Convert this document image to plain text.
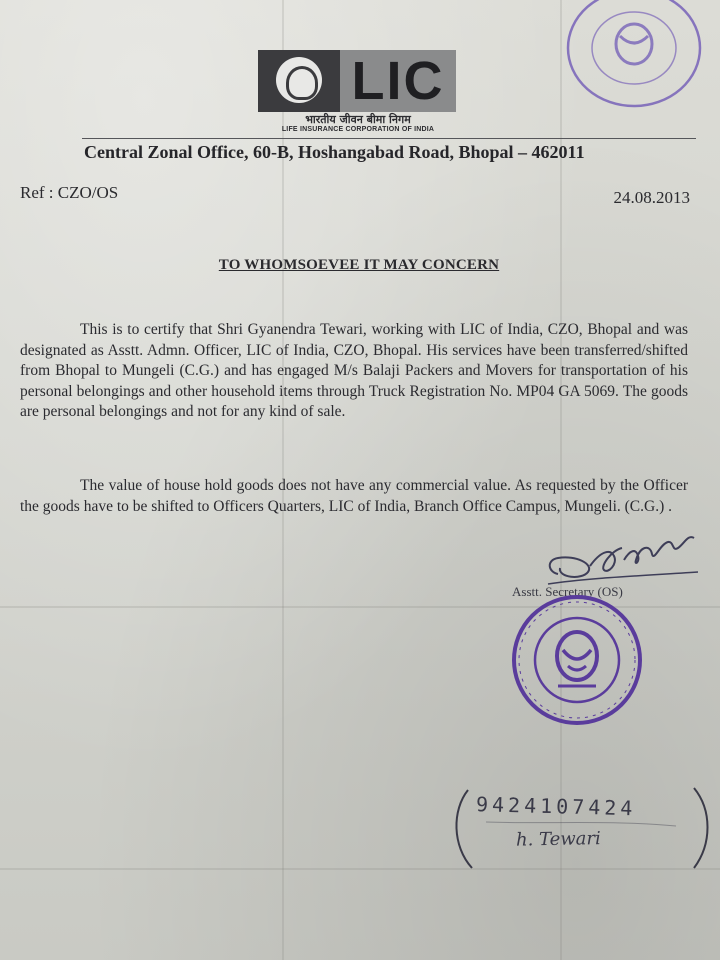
LIC
भारतीय जीवन बीमा निगम
LIFE INSURANCE CORPORATION OF INDIA
Central Zonal Office, 60-B, Hoshangabad Road, Bhopal – 462011
Ref : CZO/OS	24.08.2013
TO WHOMSOEVEE IT MAY CONCERN
This is to certify that Shri Gyanendra Tewari, working with LIC of India, CZO, Bhopal and was designated as Asstt. Admn. Officer, LIC of India, CZO, Bhopal. His services have been transferred/shifted from Bhopal to Mungeli (C.G.) and has engaged M/s Balaji Packers and Movers for transportation of his personal belongings and other household items through Truck Registration No. MP04 GA 5069. The goods are personal belongings and not for any kind of sale.
The value of house hold goods does not have any commercial value. As requested by the Officer the goods have to be shifted to Officers Quarters, LIC of India, Branch Office Campus, Mungeli. (C.G.) .
Asstt. Secretary (OS)
9424107424
h. Tewari
